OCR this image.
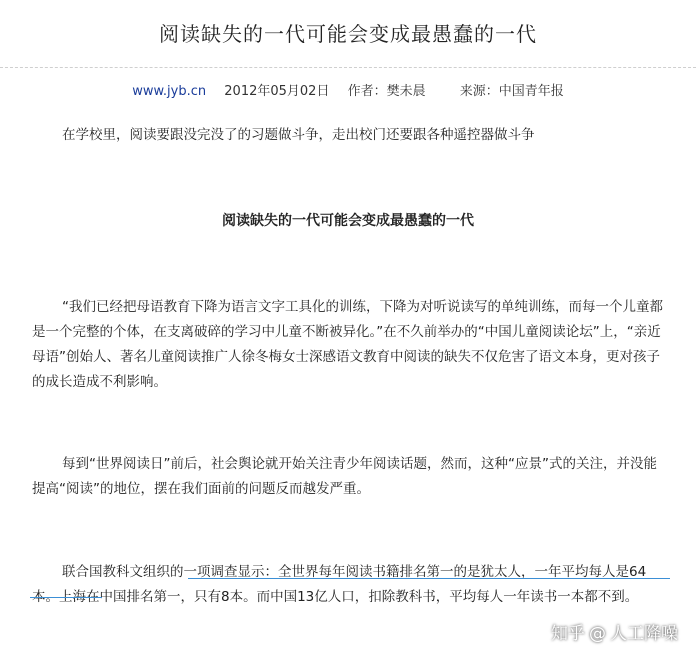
阅读缺失的一代可能会变成最愚蠢的一代
www.jyb.cn 2012年05月02日 作者：樊未晨	来源：中国青年报
在学校里，阅读要跟没完没了的习题做斗争，走出校门还要跟各种遥控器做斗争
阅读缺失的一代可能会变成最愚蠢的一代
“我们已经把母语教育下降为语言文字工具化的训练，下降为对听说读写的单纯训练，而每一个儿童都是一个完整的个体，在支离破碎的学习中儿童不断被异化。”在不久前举办的“中国儿童阅读论坛”上，“亲近母语”创始人、著名儿童阅读推广人徐冬梅女士深感语文教育中阅读的缺失不仅危害了语文本身，更对孩子的成长造成不利影响。
每到“世界阅读日”前后，社会舆论就开始关注青少年阅读话题，然而，这种“应景”式的关注，并没能提高“阅读”的地位，摆在我们面前的问题反而越发严重。
联合国教科文组织的一项调查显示：全世界每年阅读书籍排名第一的是犹太人，一年平均每人是64本。上海在中国排名第一，只有8本。而中国13亿人口，扣除教科书，平均每人一年读书一本都不到。
知乎 @ 人工降噪
